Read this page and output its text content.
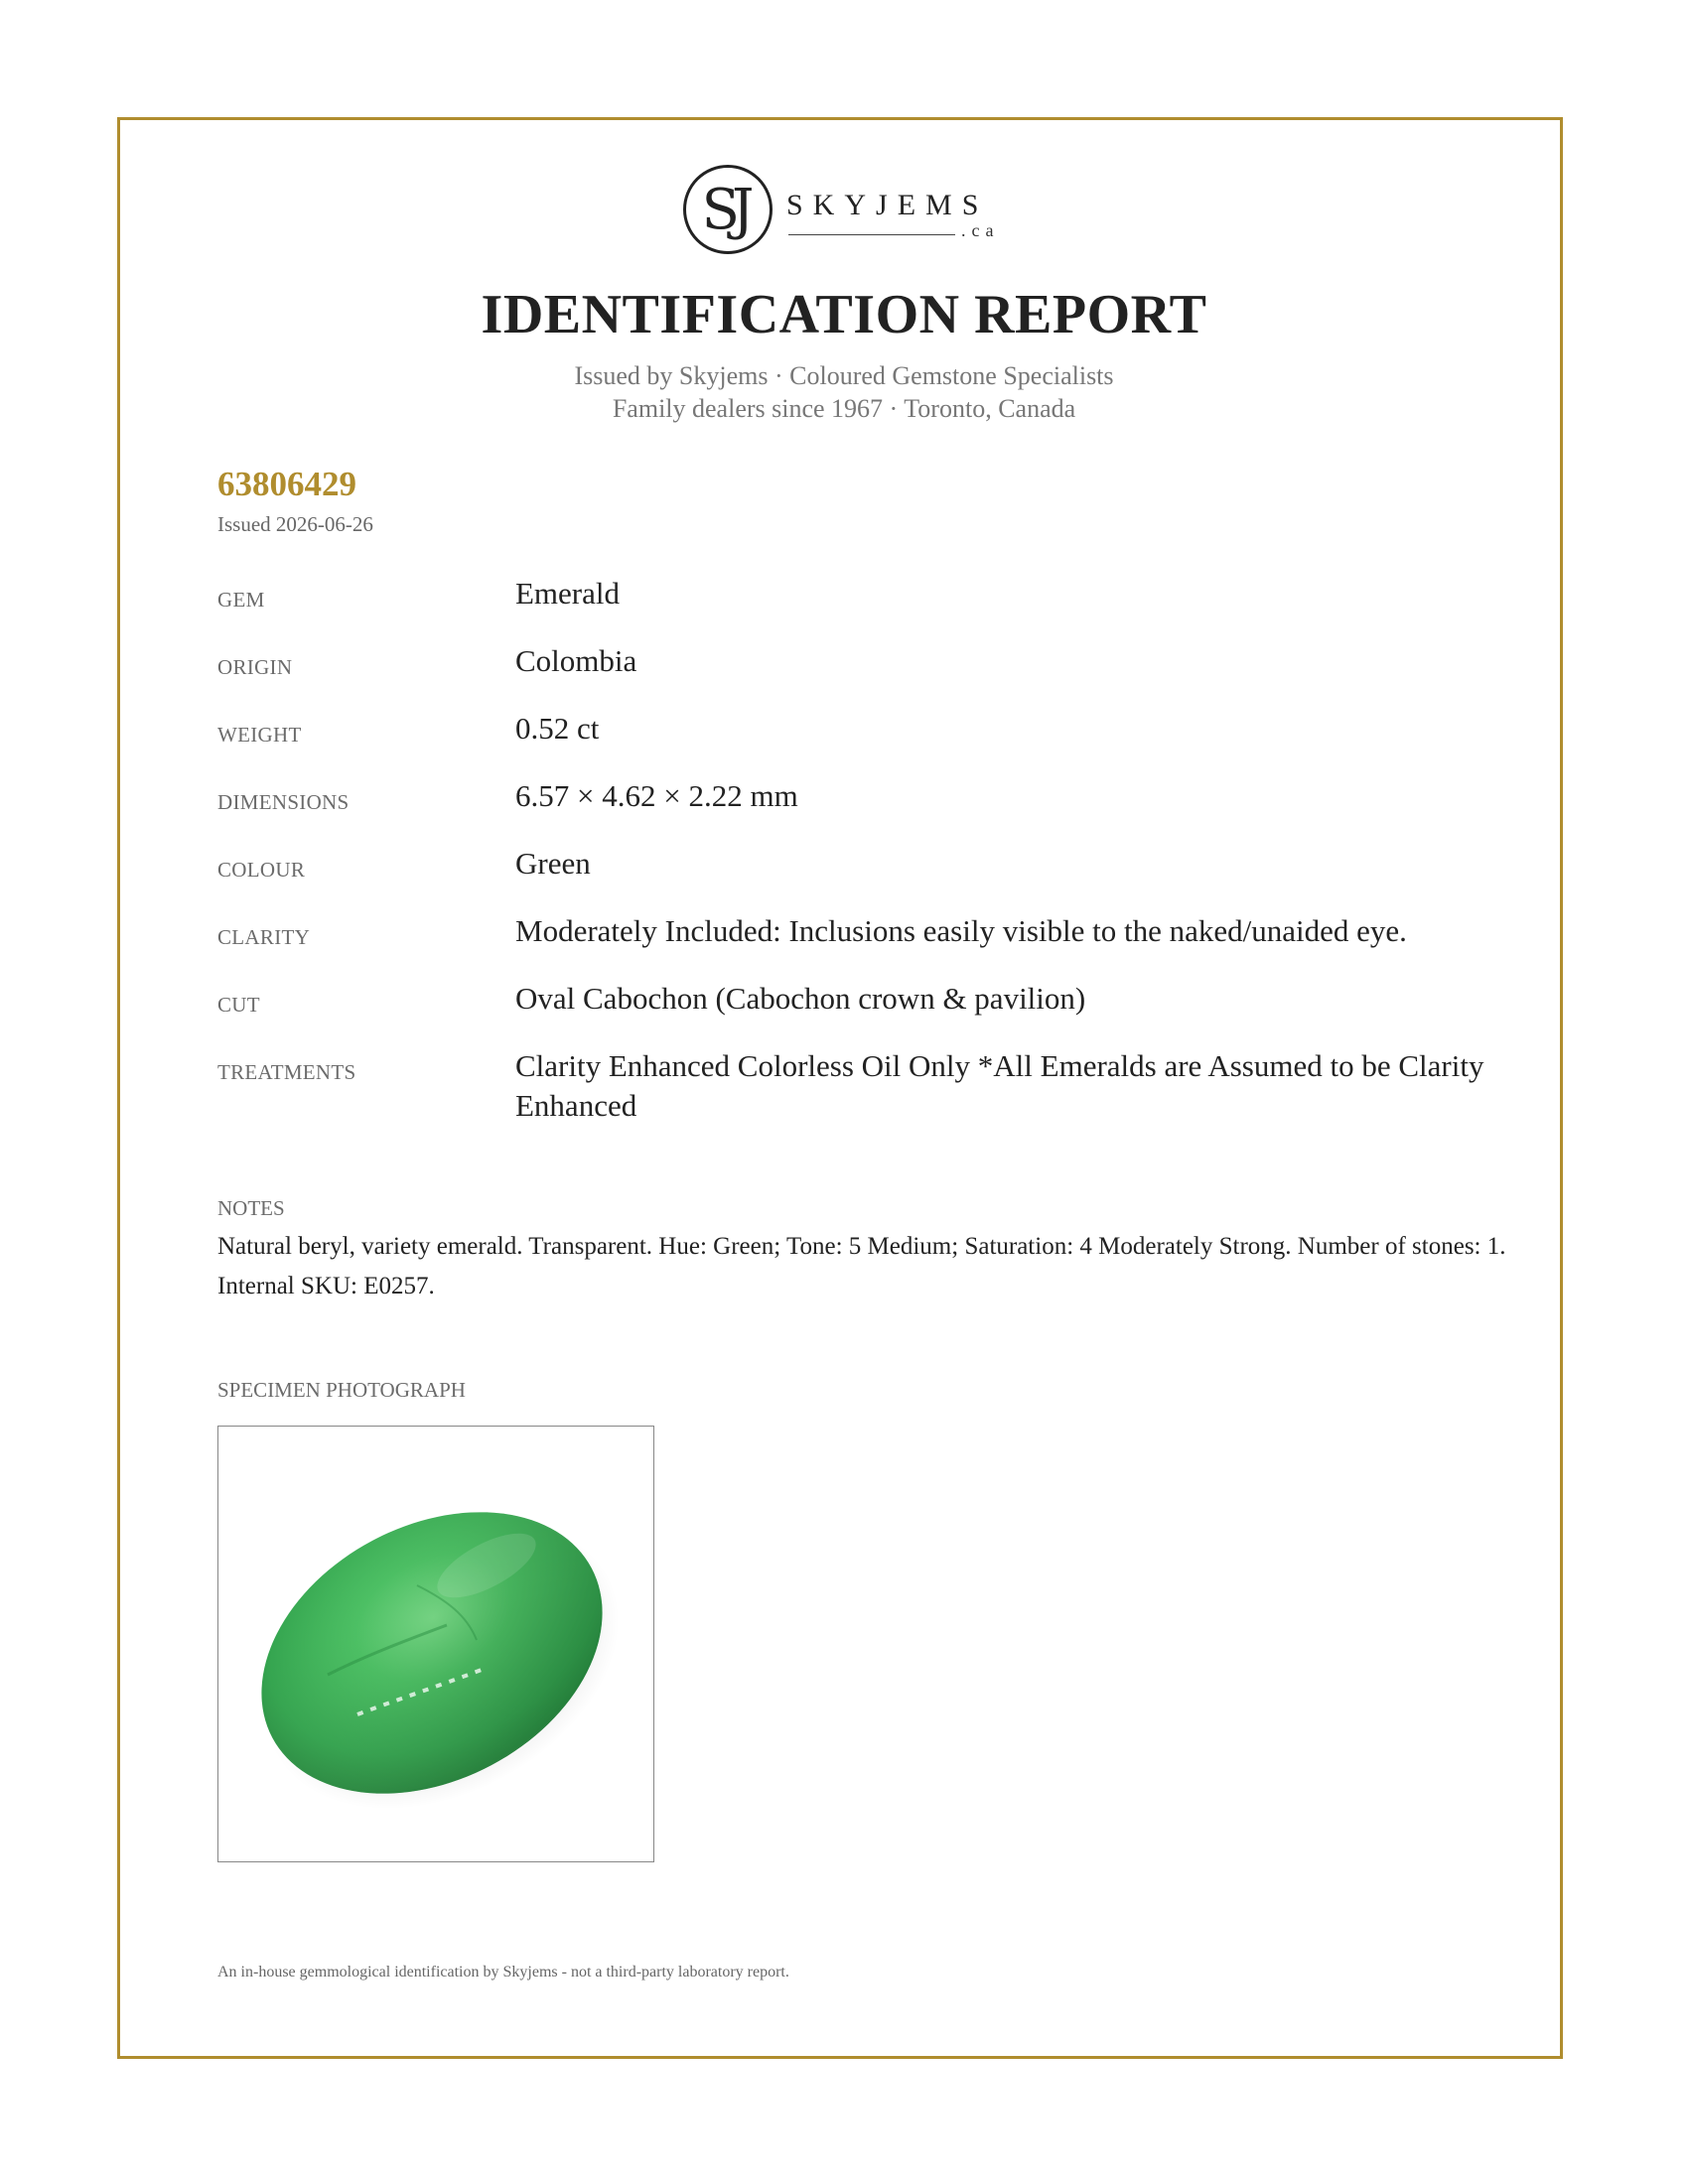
SJ SKYJEMS
.ca
IDENTIFICATION REPORT
Issued by Skyjems · Coloured Gemstone Specialists
Family dealers since 1967 · Toronto, Canada
63806429
Issued 2026-06-26
GEM	Emerald
ORIGIN	Colombia
WEIGHT	0.52 ct
DIMENSIONS	6.57 × 4.62 × 2.22 mm
COLOUR	Green
CLARITY	Moderately Included: Inclusions easily visible to the naked/unaided eye.
CUT	Oval Cabochon (Cabochon crown & pavilion)
TREATMENTS	Clarity Enhanced Colorless Oil Only *All Emeralds are Assumed to be Clarity Enhanced
NOTES
Natural beryl, variety emerald. Transparent. Hue: Green; Tone: 5 Medium; Saturation: 4 Moderately Strong. Number of stones: 1. Internal SKU: E0257.
SPECIMEN PHOTOGRAPH
An in-house gemmological identification by Skyjems - not a third-party laboratory report.
